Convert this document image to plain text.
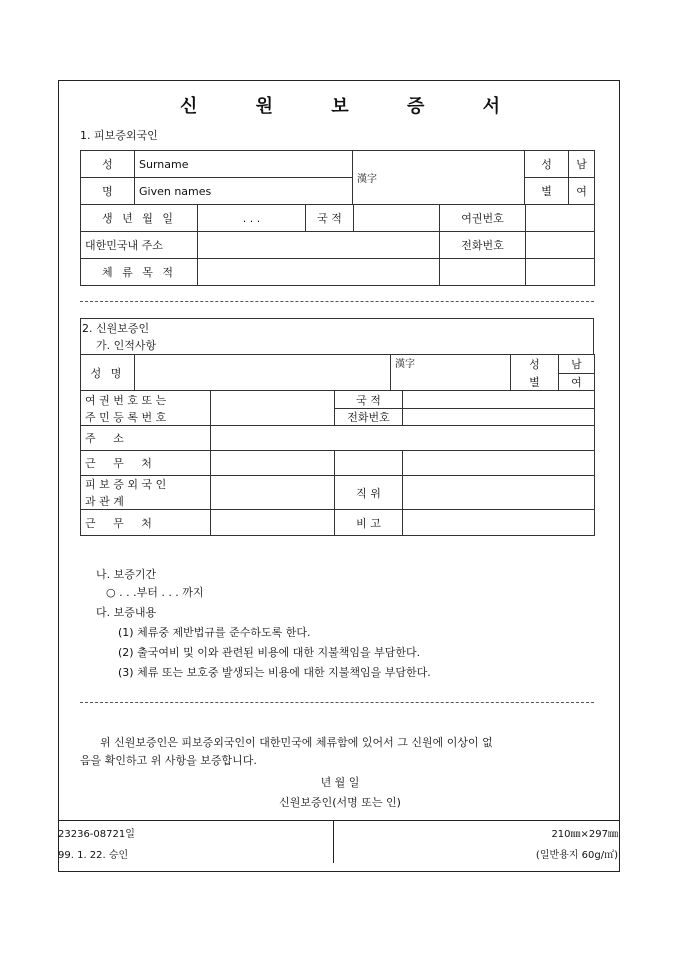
신 원 보 증 서
1. 피보증외국인
성	Surname	漢字	성	남
명	Given names		별	여
생 년 월 일	. . .	국 적		여권번호	
대한민국내 주소				전화번호	
체 류 목 적					
2. 신원보증인
가. 인적사항
성 명		漢字	성	남
			별	여
여 권 번 호 또 는		국 적	
주 민 등 록 번 호		전화번호	
주 소			
근 무 처			
피 보 증 외 국 인		직 위	
과 관 계			
근 무 처		비 고	
나. 보증기간
○ . . .부터 . . . 까지
다. 보증내용
(1) 체류중 제반법규를 준수하도록 한다.
(2) 출국여비 및 이와 관련된 비용에 대한 지불책임을 부담한다.
(3) 체류 또는 보호중 발생되는 비용에 대한 지불책임을 부담한다.
위 신원보증인은 피보증외국인이 대한민국에 체류함에 있어서 그 신원에 이상이 없
음을 확인하고 위 사항을 보증합니다.
년 월 일
신원보증인(서명 또는 인)
23236-08721일
99. 1. 22. 승인
210㎜×297㎜
(일반용지 60g/㎡)
